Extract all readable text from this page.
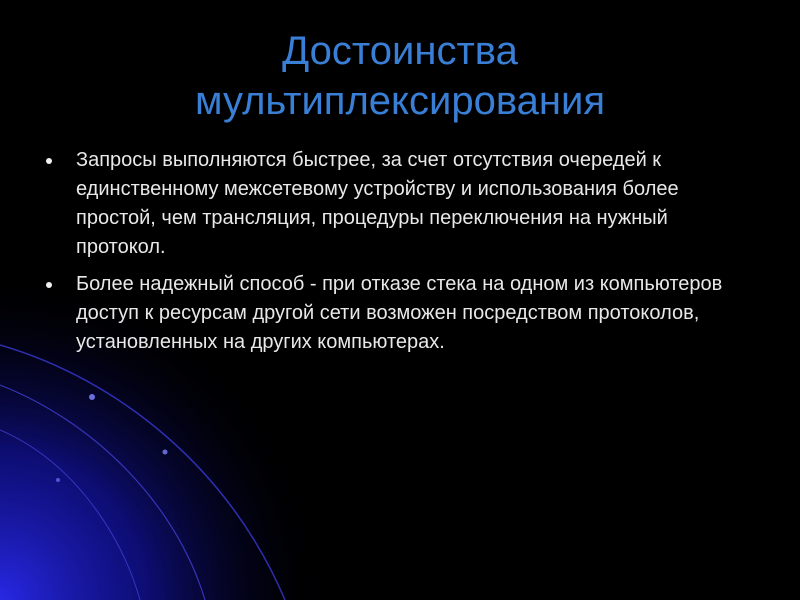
Достоинства
мультиплексирования
Запросы выполняются быстрее, за счет отсутствия очередей к единственному межсетевому устройству и использования более простой, чем трансляция, процедуры переключения на нужный протокол.
Более надежный способ - при отказе стека на одном из компьютеров доступ к ресурсам другой сети возможен посредством протоколов, установленных на других компьютерах.
